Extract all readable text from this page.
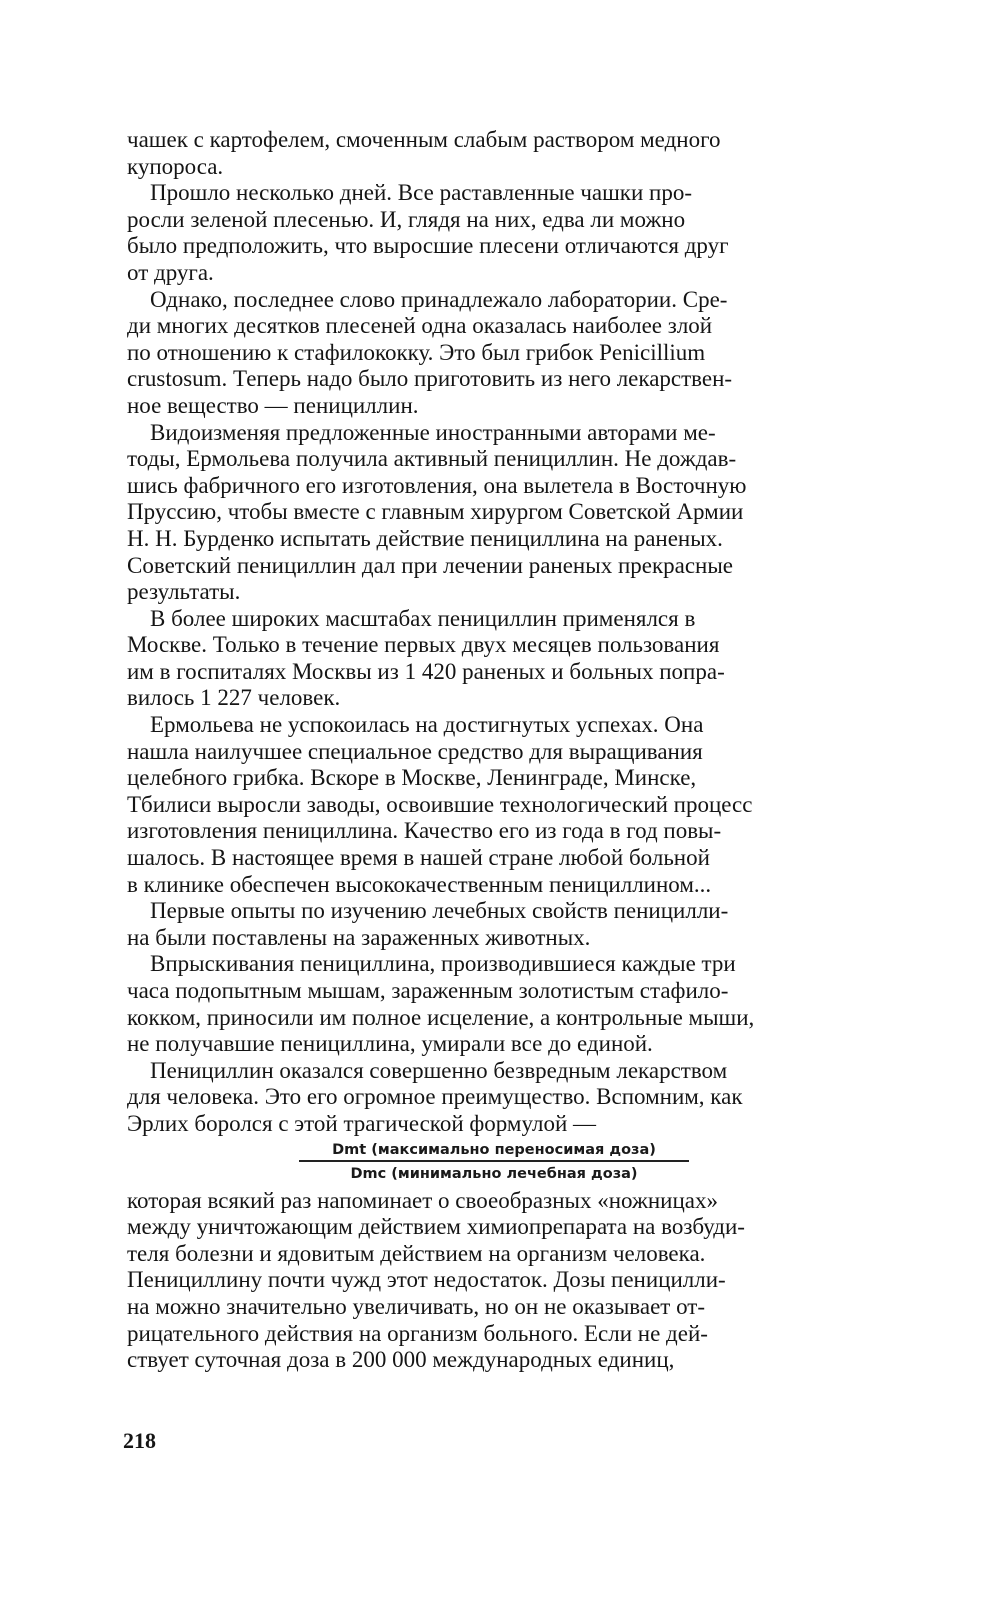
чашек с картофелем, смоченным слабым раствором медного
купороса.

Прошло несколько дней. Все раставленные чашки про-
росли зеленой плесенью. И, глядя на них, едва ли можно
было предположить, что выросшие плесени отличаются друг
от друга.

Однако, последнее слово принадлежало лаборатории. Сре-
ди многих десятков плесеней одна оказалась наиболее злой
по отношению к стафилококку. Это был грибок Penicillium
crustosum. Теперь надо было приготовить из него лекарствен-
ное вещество — пенициллин.

Видоизменяя предложенные иностранными авторами ме-
тоды, Ермольева получила активный пенициллин. Не дождав-
шись фабричного его изготовления, она вылетела в Восточную
Пруссию, чтобы вместе с главным хирургом Советской Армии
Н. Н. Бурденко испытать действие пенициллина на раненых.
Советский пенициллин дал при лечении раненых прекрасные
результаты.

В более широких масштабах пенициллин применялся в
Москве. Только в течение первых двух месяцев пользования
им в госпиталях Москвы из 1 420 раненых и больных попра-
вилось 1 227 человек.

Ермольева не успокоилась на достигнутых успехах. Она
нашла наилучшее специальное средство для выращивания
целебного грибка. Вскоре в Москве, Ленинграде, Минске,
Тбилиси выросли заводы, освоившие технологический процесс
изготовления пенициллина. Качество его из года в год повы-
шалось. В настоящее время в нашей стране любой больной
в клинике обеспечен высококачественным пенициллином...

Первые опыты по изучению лечебных свойств пеницилли-
на были поставлены на зараженных животных.

Впрыскивания пенициллина, производившиеся каждые три
часа подопытным мышам, зараженным золотистым стафило-
кокком, приносили им полное исцеление, а контрольные мыши,
не получавшие пенициллина, умирали все до единой.

Пенициллин оказался совершенно безвредным лекарством
для человека. Это его огромное преимущество. Вспомним, как
Эрлих боролся с этой трагической формулой —

Dmt (максимально переносимая доза)
Dmc (минимально лечебная доза)

которая всякий раз напоминает о своеобразных «ножницах»
между уничтожающим действием химиопрепарата на возбуди-
теля болезни и ядовитым действием на организм человека.
Пенициллину почти чужд этот недостаток. Дозы пеницилли-
на можно значительно увеличивать, но он не оказывает от-
рицательного действия на организм больного. Если не дей-
ствует суточная доза в 200 000 международных единиц,

218
